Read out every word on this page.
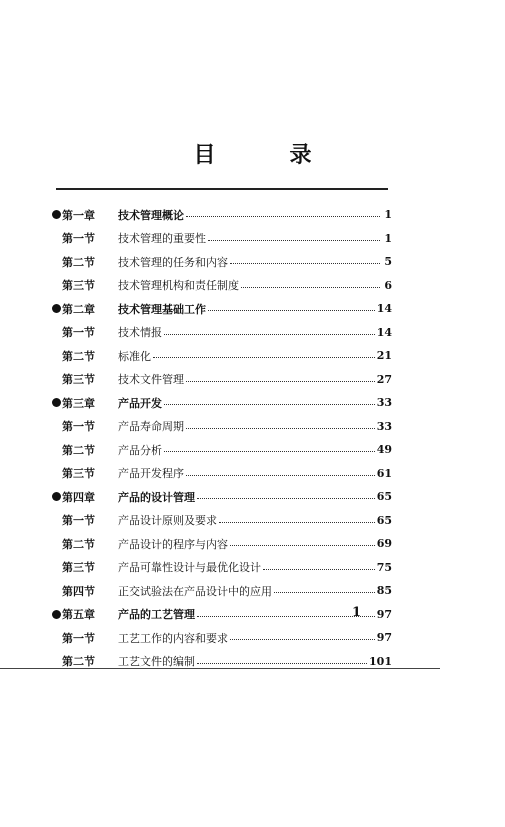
目　录
第一章	技术管理概论	1
第一节	技术管理的重要性	1
第二节	技术管理的任务和内容	5
第三节	技术管理机构和责任制度	6
第二章	技术管理基础工作	14
第一节	技术情报	14
第二节	标准化	21
第三节	技术文件管理	27
第三章	产品开发	33
第一节	产品寿命周期	33
第二节	产品分析	49
第三节	产品开发程序	61
第四章	产品的设计管理	65
第一节	产品设计原则及要求	65
第二节	产品设计的程序与内容	69
第三节	产品可靠性设计与最优化设计	75
第四节	正交试验法在产品设计中的应用	85
第五章	产品的工艺管理	97
第一节	工艺工作的内容和要求	97
第二节	工艺文件的编制	101
1
